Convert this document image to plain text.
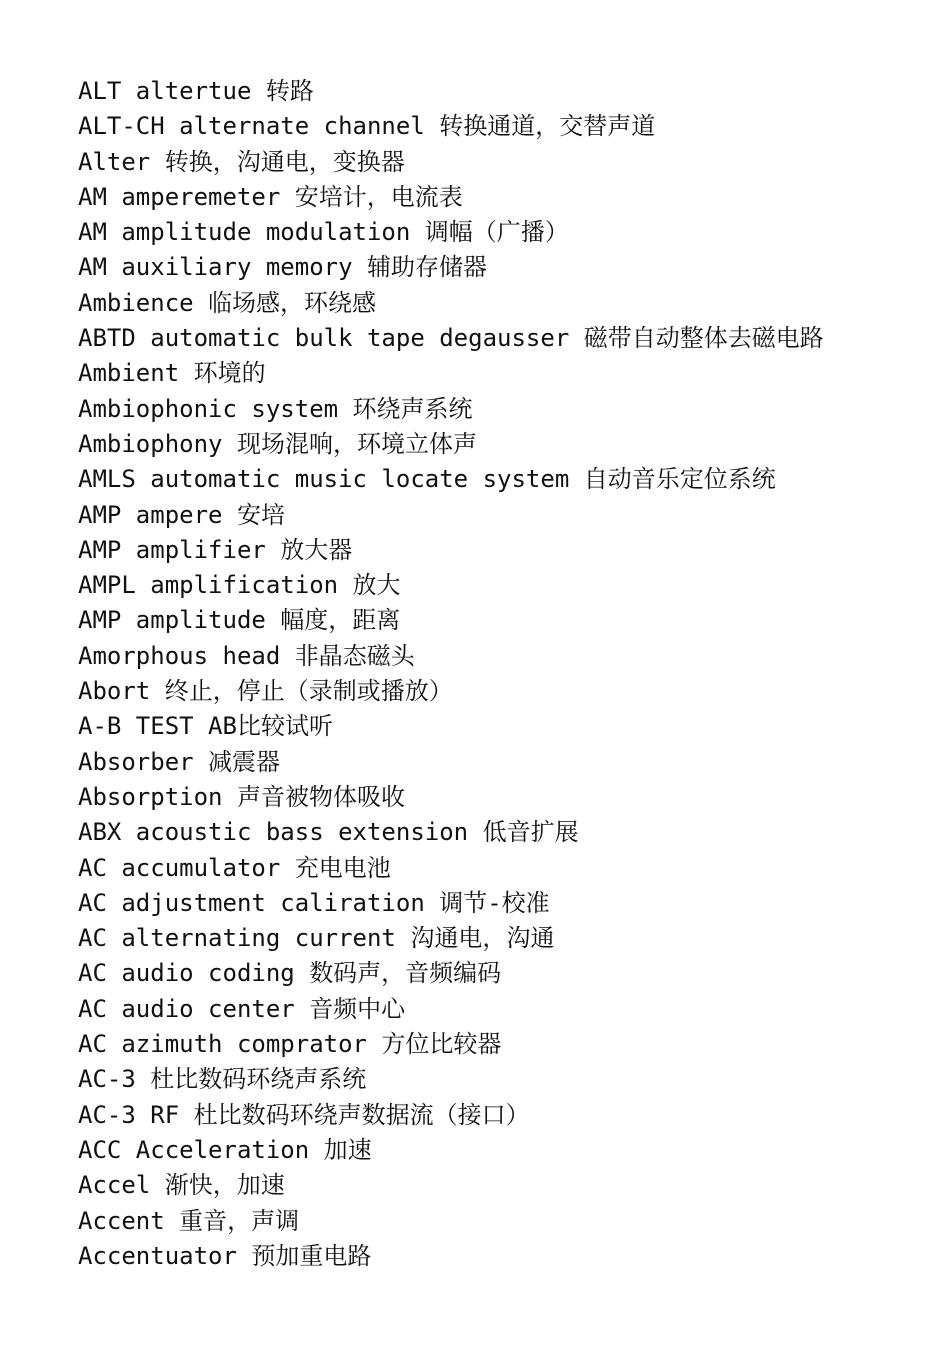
ALT altertue 转路
ALT-CH alternate channel 转换通道，交替声道
Alter 转换，沟通电，变换器
AM amperemeter 安培计，电流表
AM amplitude modulation 调幅（广播）
AM auxiliary memory 辅助存储器
Ambience 临场感，环绕感
ABTD automatic bulk tape degausser 磁带自动整体去磁电路
Ambient 环境的
Ambiophonic system 环绕声系统
Ambiophony 现场混响，环境立体声
AMLS automatic music locate system 自动音乐定位系统
AMP ampere 安培
AMP amplifier 放大器
AMPL amplification 放大
AMP amplitude 幅度，距离
Amorphous head 非晶态磁头
Abort 终止，停止（录制或播放）
A-B TEST AB比较试听
Absorber 减震器
Absorption 声音被物体吸收
ABX acoustic bass extension 低音扩展
AC accumulator 充电电池
AC adjustment caliration 调节-校准
AC alternating current 沟通电，沟通
AC audio coding 数码声，音频编码
AC audio center 音频中心
AC azimuth comprator 方位比较器
AC-3 杜比数码环绕声系统
AC-3 RF 杜比数码环绕声数据流（接口）
ACC Acceleration 加速
Accel 渐快，加速
Accent 重音，声调
Accentuator 预加重电路
